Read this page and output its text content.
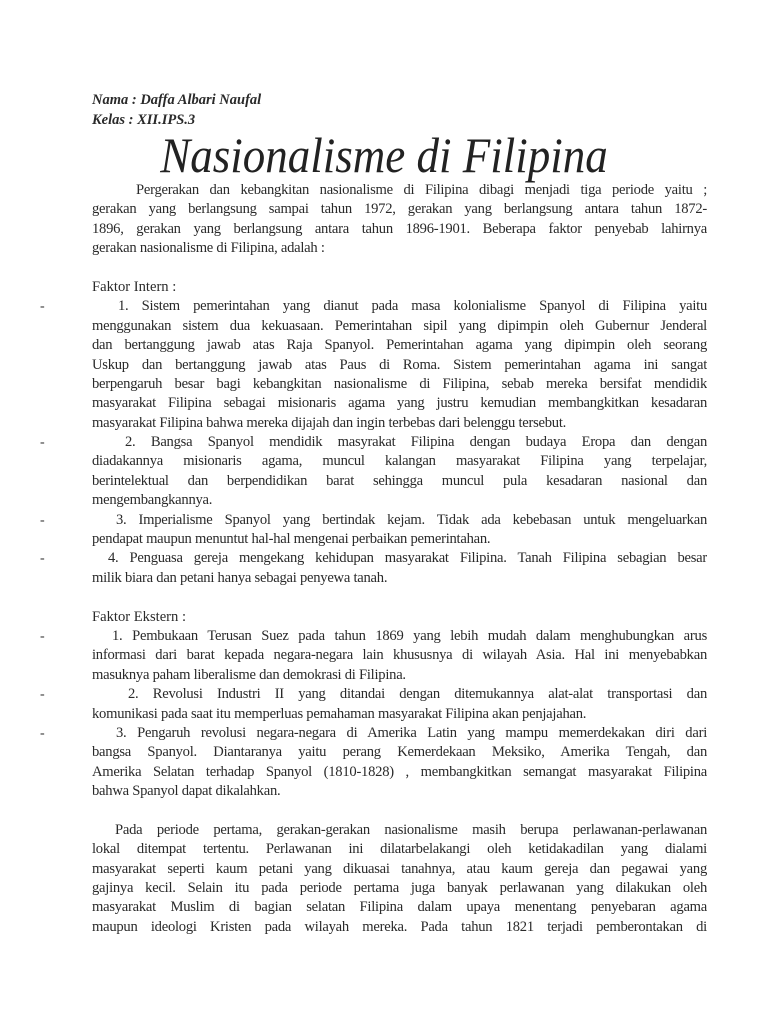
Nama : Daffa Albari Naufal
Kelas : XII.IPS.3
Nasionalisme di Filipina
Pergerakan dan kebangkitan nasionalisme di Filipina dibagi menjadi tiga periode yaitu ;
gerakan yang berlangsung sampai tahun 1972, gerakan yang berlangsung antara tahun 1872-
1896, gerakan yang berlangsung antara tahun 1896-1901. Beberapa faktor penyebab lahirnya
gerakan nasionalisme di Filipina, adalah :
Faktor Intern :
-	1. Sistem pemerintahan yang dianut pada masa kolonialisme Spanyol di Filipina yaitu
menggunakan sistem dua kekuasaan. Pemerintahan sipil yang dipimpin oleh Gubernur Jenderal
dan bertanggung jawab atas Raja Spanyol. Pemerintahan agama yang dipimpin oleh seorang
Uskup dan bertanggung jawab atas Paus di Roma. Sistem pemerintahan agama ini sangat
berpengaruh besar bagi kebangkitan nasionalisme di Filipina, sebab mereka bersifat mendidik
masyarakat Filipina sebagai misionaris agama yang justru kemudian membangkitkan kesadaran
masyarakat Filipina bahwa mereka dijajah dan ingin terbebas dari belenggu tersebut.
-	2. Bangsa Spanyol mendidik masyrakat Filipina dengan budaya Eropa dan dengan
diadakannya misionaris agama, muncul kalangan masyarakat Filipina yang terpelajar,
berintelektual dan berpendidikan barat sehingga muncul pula kesadaran nasional dan
mengembangkannya.
-	3. Imperialisme Spanyol yang bertindak kejam. Tidak ada kebebasan untuk mengeluarkan
pendapat maupun menuntut hal-hal mengenai perbaikan pemerintahan.
-	4. Penguasa gereja mengekang kehidupan masyarakat Filipina. Tanah Filipina sebagian besar
milik biara dan petani hanya sebagai penyewa tanah.
Faktor Ekstern :
-	1. Pembukaan Terusan Suez pada tahun 1869 yang lebih mudah dalam menghubungkan arus
informasi dari barat kepada negara-negara lain khususnya di wilayah Asia. Hal ini menyebabkan
masuknya paham liberalisme dan demokrasi di Filipina.
-	2. Revolusi Industri II yang ditandai dengan ditemukannya alat-alat transportasi dan
komunikasi pada saat itu memperluas pemahaman masyarakat Filipina akan penjajahan.
-	3. Pengaruh revolusi negara-negara di Amerika Latin yang mampu memerdekakan diri dari
bangsa Spanyol. Diantaranya yaitu perang Kemerdekaan Meksiko, Amerika Tengah, dan
Amerika Selatan terhadap Spanyol (1810-1828) , membangkitkan semangat masyarakat Filipina
bahwa Spanyol dapat dikalahkan.
Pada periode pertama, gerakan-gerakan nasionalisme masih berupa perlawanan-perlawanan
lokal ditempat tertentu. Perlawanan ini dilatarbelakangi oleh ketidakadilan yang dialami
masyarakat seperti kaum petani yang dikuasai tanahnya, atau kaum gereja dan pegawai yang
gajinya kecil. Selain itu pada periode pertama juga banyak perlawanan yang dilakukan oleh
masyarakat Muslim di bagian selatan Filipina dalam upaya menentang penyebaran agama
maupun ideologi Kristen pada wilayah mereka. Pada tahun 1821 terjadi pemberontakan di
